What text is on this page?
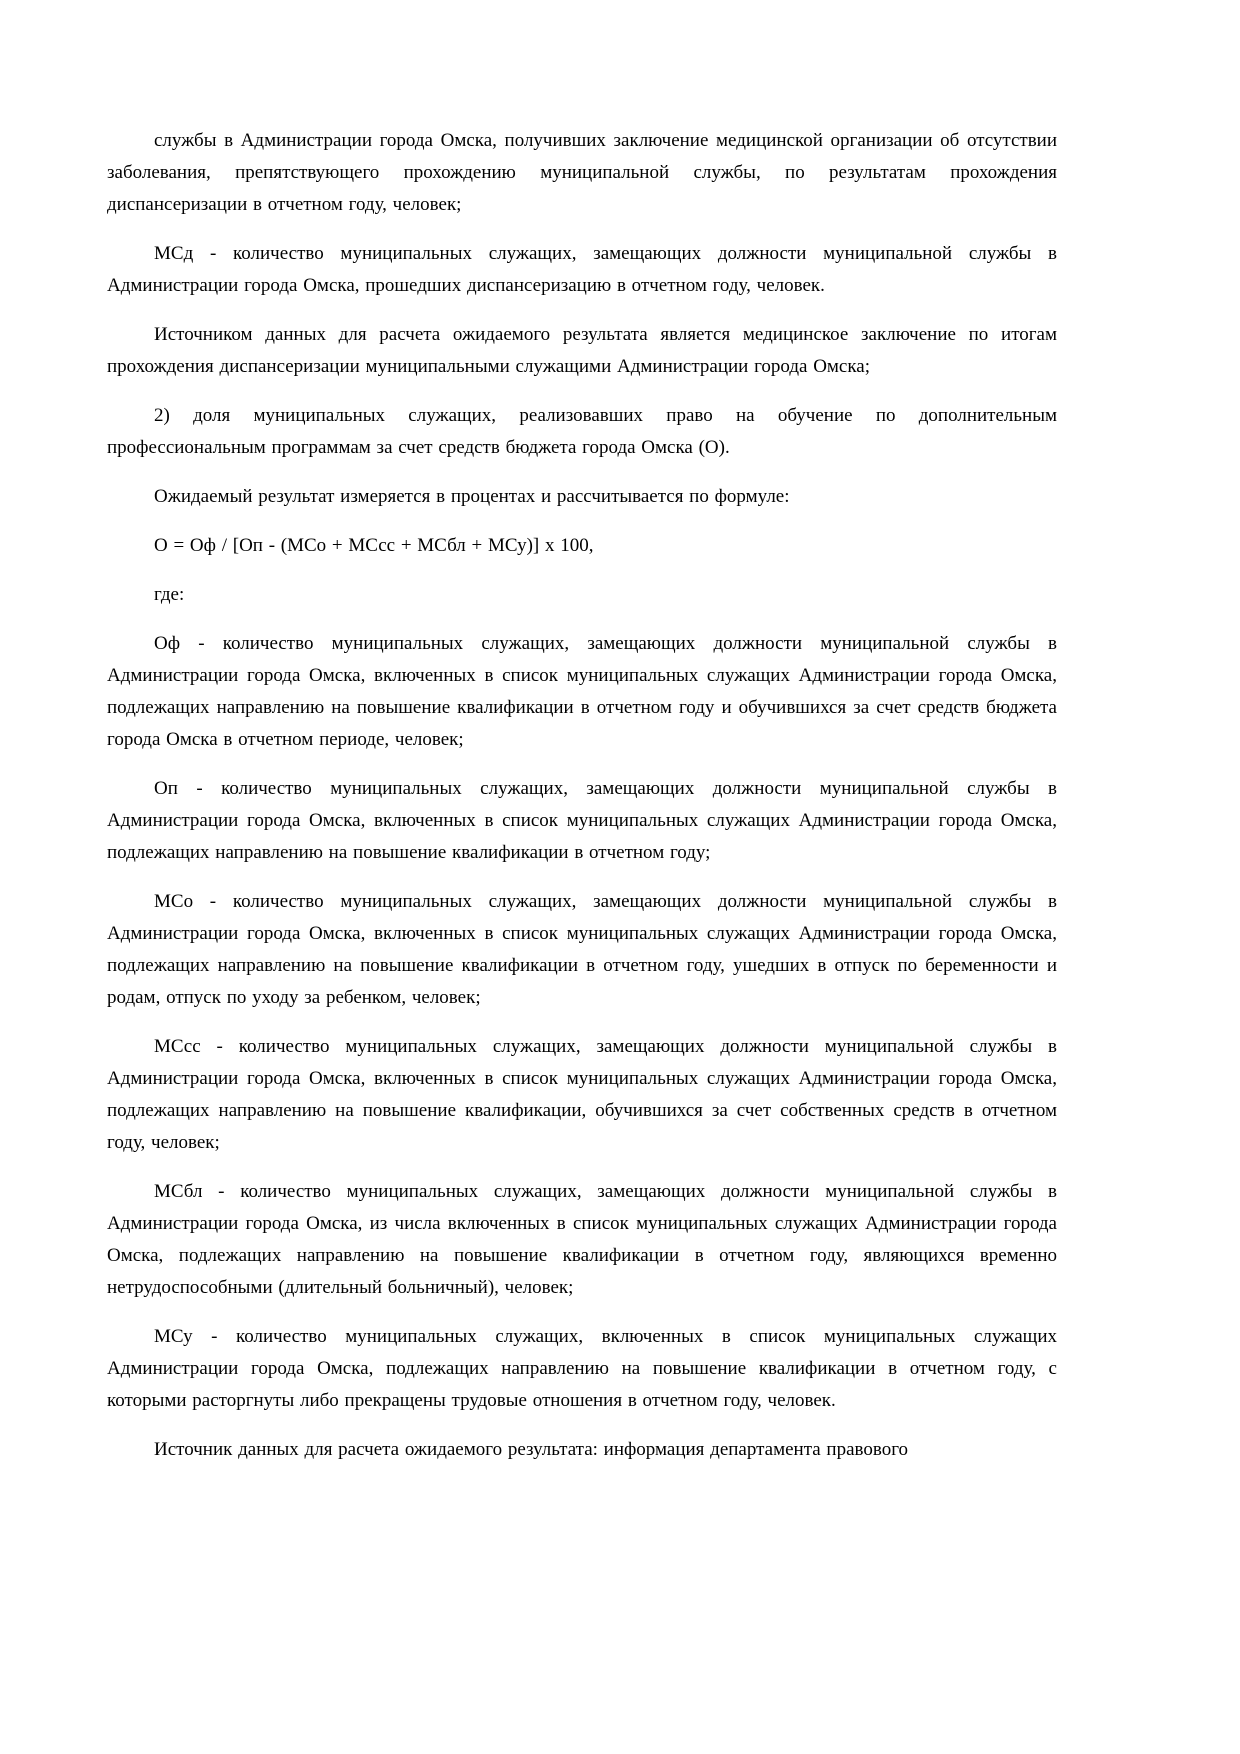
службы в Администрации города Омска, получивших заключение медицинской организации об отсутствии заболевания, препятствующего прохождению муниципальной службы, по результатам прохождения диспансеризации в отчетном году, человек;

МСд - количество муниципальных служащих, замещающих должности муниципальной службы в Администрации города Омска, прошедших диспансеризацию в отчетном году, человек.

Источником данных для расчета ожидаемого результата является медицинское заключение по итогам прохождения диспансеризации муниципальными служащими Администрации города Омска;

2) доля муниципальных служащих, реализовавших право на обучение по дополнительным профессиональным программам за счет средств бюджета города Омска (О).

Ожидаемый результат измеряется в процентах и рассчитывается по формуле:

О = Оф / [Оп - (МСо + МСсс + МСбл + МСу)] x 100,

где:

Оф - количество муниципальных служащих, замещающих должности муниципальной службы в Администрации города Омска, включенных в список муниципальных служащих Администрации города Омска, подлежащих направлению на повышение квалификации в отчетном году и обучившихся за счет средств бюджета города Омска в отчетном периоде, человек;

Оп - количество муниципальных служащих, замещающих должности муниципальной службы в Администрации города Омска, включенных в список муниципальных служащих Администрации города Омска, подлежащих направлению на повышение квалификации в отчетном году;

МСо - количество муниципальных служащих, замещающих должности муниципальной службы в Администрации города Омска, включенных в список муниципальных служащих Администрации города Омска, подлежащих направлению на повышение квалификации в отчетном году, ушедших в отпуск по беременности и родам, отпуск по уходу за ребенком, человек;

МСсс - количество муниципальных служащих, замещающих должности муниципальной службы в Администрации города Омска, включенных в список муниципальных служащих Администрации города Омска, подлежащих направлению на повышение квалификации, обучившихся за счет собственных средств в отчетном году, человек;

МСбл - количество муниципальных служащих, замещающих должности муниципальной службы в Администрации города Омска, из числа включенных в список муниципальных служащих Администрации города Омска, подлежащих направлению на повышение квалификации в отчетном году, являющихся временно нетрудоспособными (длительный больничный), человек;

МСу - количество муниципальных служащих, включенных в список муниципальных служащих Администрации города Омска, подлежащих направлению на повышение квалификации в отчетном году, с которыми расторгнуты либо прекращены трудовые отношения в отчетном году, человек.

Источник данных для расчета ожидаемого результата: информация департамента правового
